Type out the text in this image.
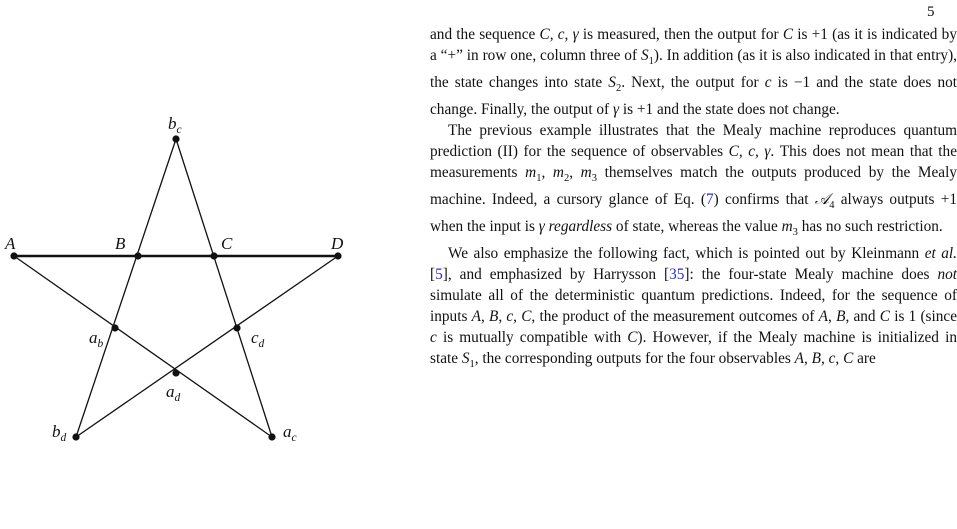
5
A	B	C	D
$b_c$
$a_b$	$c_d$
$a_d$
$b_d$	$a_c$

and the sequence C, c, γ is measured, then the output for C is +1 (as it is indicated by a “+” in row one, column three of $S_1$). In addition (as it is also indicated in that entry), the state changes into state $S_2$. Next, the output for c is −1 and the state does not change. Finally, the output of γ is +1 and the state does not change.

The previous example illustrates that the Mealy machine reproduces quantum prediction (II) for the sequence of observables C, c, γ. This does not mean that the measurements $m_1$, $m_2$, $m_3$ themselves match the outputs produced by the Mealy machine. Indeed, a cursory glance of Eq. (7) confirms that 𝒜$_4$ always outputs +1 when the input is γ regardless of state, whereas the value $m_3$ has no such restriction.

We also emphasize the following fact, which is pointed out by Kleinmann et al. [5], and emphasized by Harrysson [35]: the four-state Mealy machine does not simulate all of the deterministic quantum predictions. Indeed, for the sequence of inputs A, B, c, C, the product of the measurement outcomes of A, B, and C is 1 (since c is mutually compatible with C). However, if the Mealy machine is initialized in state $S_1$, the corresponding outputs for the four observables A, B, c, C are
